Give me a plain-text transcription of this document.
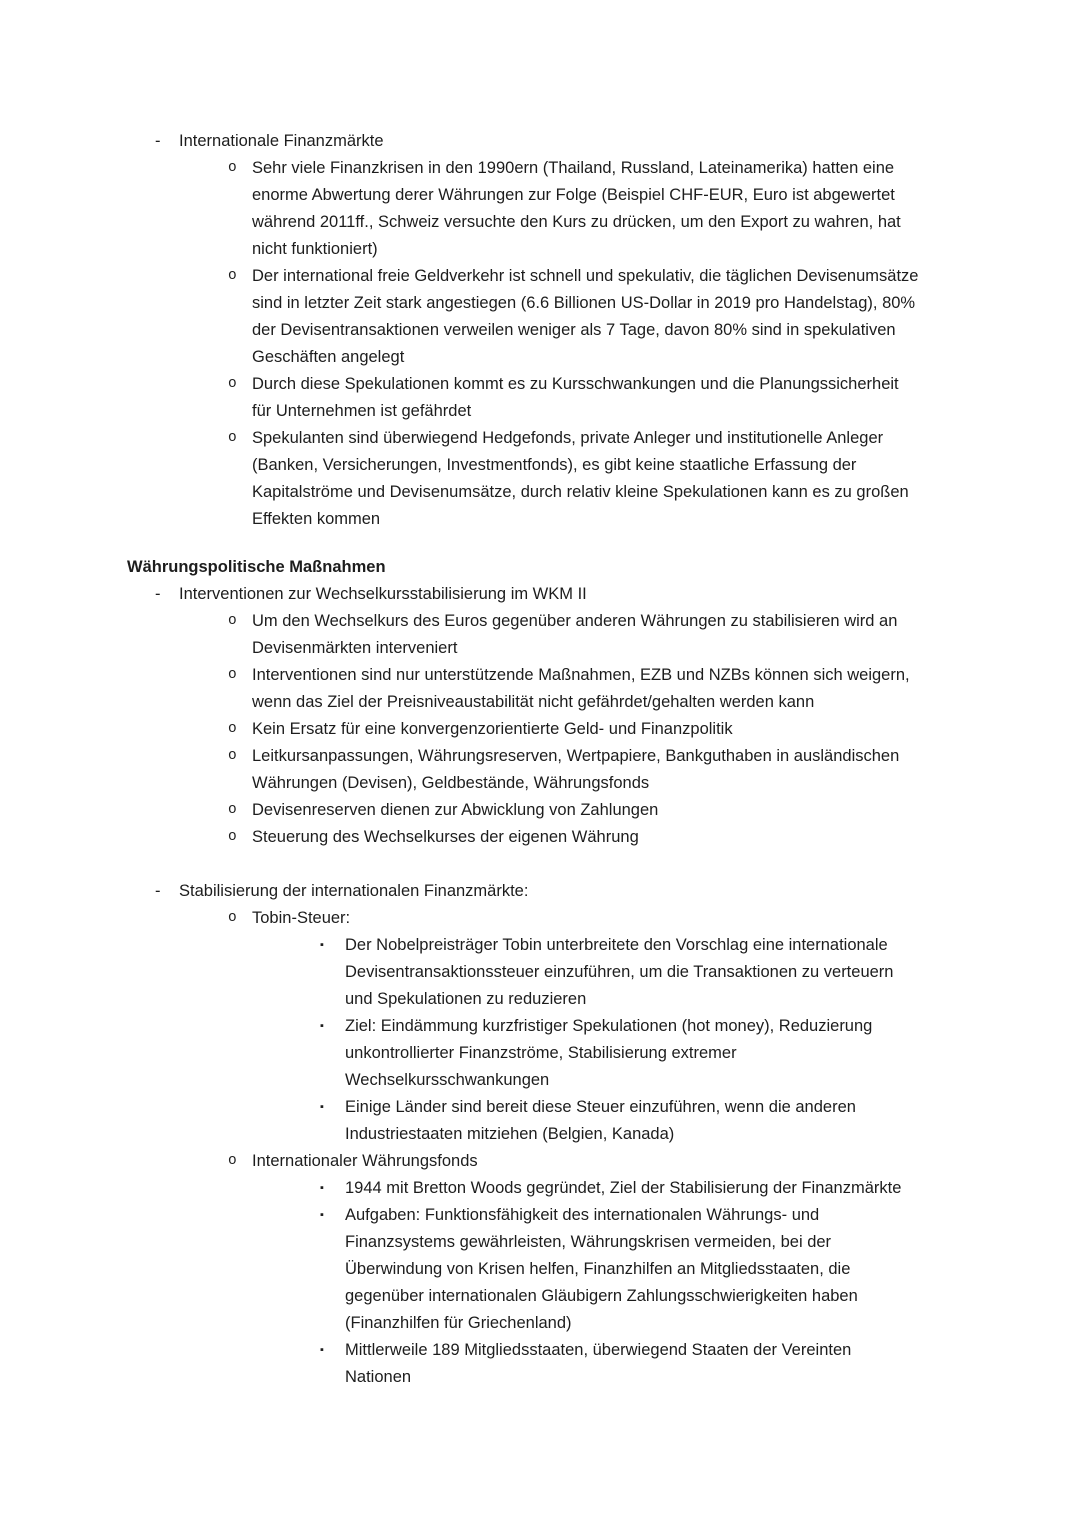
-	Internationale Finanzmärkte
o Sehr viele Finanzkrisen in den 1990ern (Thailand, Russland, Lateinamerika) hatten eine enorme Abwertung derer Währungen zur Folge (Beispiel CHF-EUR, Euro ist abgewertet während 2011ff., Schweiz versuchte den Kurs zu drücken, um den Export zu wahren, hat nicht funktioniert)
o Der international freie Geldverkehr ist schnell und spekulativ, die täglichen Devisenumsätze sind in letzter Zeit stark angestiegen (6.6 Billionen US-Dollar in 2019 pro Handelstag), 80% der Devisentransaktionen verweilen weniger als 7 Tage, davon 80% sind in spekulativen Geschäften angelegt
o Durch diese Spekulationen kommt es zu Kursschwankungen und die Planungssicherheit für Unternehmen ist gefährdet
o Spekulanten sind überwiegend Hedgefonds, private Anleger und institutionelle Anleger (Banken, Versicherungen, Investmentfonds), es gibt keine staatliche Erfassung der Kapitalströme und Devisenumsätze, durch relativ kleine Spekulationen kann es zu großen Effekten kommen
Währungspolitische Maßnahmen
-	Interventionen zur Wechselkursstabilisierung im WKM II
o Um den Wechselkurs des Euros gegenüber anderen Währungen zu stabilisieren wird an Devisenmärkten interveniert
o Interventionen sind nur unterstützende Maßnahmen, EZB und NZBs können sich weigern, wenn das Ziel der Preisniveaustabilität nicht gefährdet/gehalten werden kann
o Kein Ersatz für eine konvergenzorientierte Geld- und Finanzpolitik
o Leitkursanpassungen, Währungsreserven, Wertpapiere, Bankguthaben in ausländischen Währungen (Devisen), Geldbestände, Währungsfonds
o Devisenreserven dienen zur Abwicklung von Zahlungen
o Steuerung des Wechselkurses der eigenen Währung
-	Stabilisierung der internationalen Finanzmärkte:
o Tobin-Steuer:
▪	Der Nobelpreisträger Tobin unterbreitete den Vorschlag eine internationale Devisentransaktionssteuer einzuführen, um die Transaktionen zu verteuern und Spekulationen zu reduzieren
▪	Ziel: Eindämmung kurzfristiger Spekulationen (hot money), Reduzierung unkontrollierter Finanzströme, Stabilisierung extremer Wechselkursschwankungen
▪	Einige Länder sind bereit diese Steuer einzuführen, wenn die anderen Industriestaaten mitziehen (Belgien, Kanada)
o Internationaler Währungsfonds
▪	1944 mit Bretton Woods gegründet, Ziel der Stabilisierung der Finanzmärkte
▪	Aufgaben: Funktionsfähigkeit des internationalen Währungs- und Finanzsystems gewährleisten, Währungskrisen vermeiden, bei der Überwindung von Krisen helfen, Finanzhilfen an Mitgliedsstaaten, die gegenüber internationalen Gläubigern Zahlungsschwierigkeiten haben (Finanzhilfen für Griechenland)
▪	Mittlerweile 189 Mitgliedsstaaten, überwiegend Staaten der Vereinten Nationen
